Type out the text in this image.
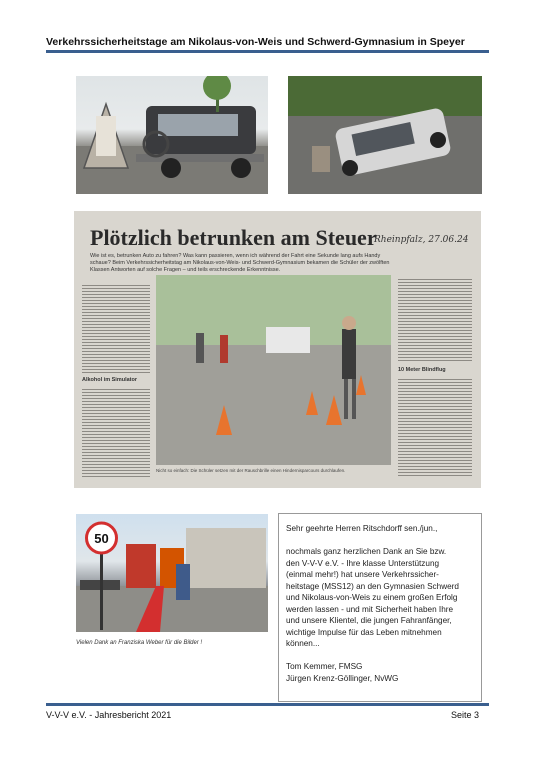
Verkehrssicherheitstage am Nikolaus-von-Weis und Schwerd-Gymnasium in Speyer
Plötzlich betrunken am Steuer
Rheinpfalz, 27.06.24
Wie ist es, betrunken Auto zu fahren? Was kann passieren, wenn ich während der Fahrt eine Sekunde lang aufs Handy schaue? Beim Verkehrssicherheitstag am Nikolaus-von-Weis- und Schwerd-Gymnasium bekamen die Schüler der zwölften Klassen Antworten auf solche Fragen – und teils erschreckende Erkenntnisse.
Alkohol im Simulator
Nicht so einfach: Die Schüler setzen mit der Rauschbrille einen Hindernisparcours durchlaufen.
10 Meter Blindflug
50
Vielen Dank an Franziska Weber für die Bilder !
Sehr geehrte Herren Ritschdorff sen./jun.,
nochmals ganz herzlichen Dank an Sie bzw.
den V-V-V e.V. - Ihre klasse Unterstützung
(einmal mehr!) hat unsere Verkehrssicher-
heitstage (MSS12) an den Gymnasien Schwerd
und Nikolaus-von-Weis zu einem großen Erfolg
werden lassen - und mit Sicherheit haben Ihre
und unsere Klientel, die jungen Fahranfänger,
wichtige Impulse für das Leben mitnehmen
können...
Tom Kemmer, FMSG
Jürgen Krenz-Göllinger, NvWG
V-V-V e.V. - Jahresbericht 2021	Seite 3
